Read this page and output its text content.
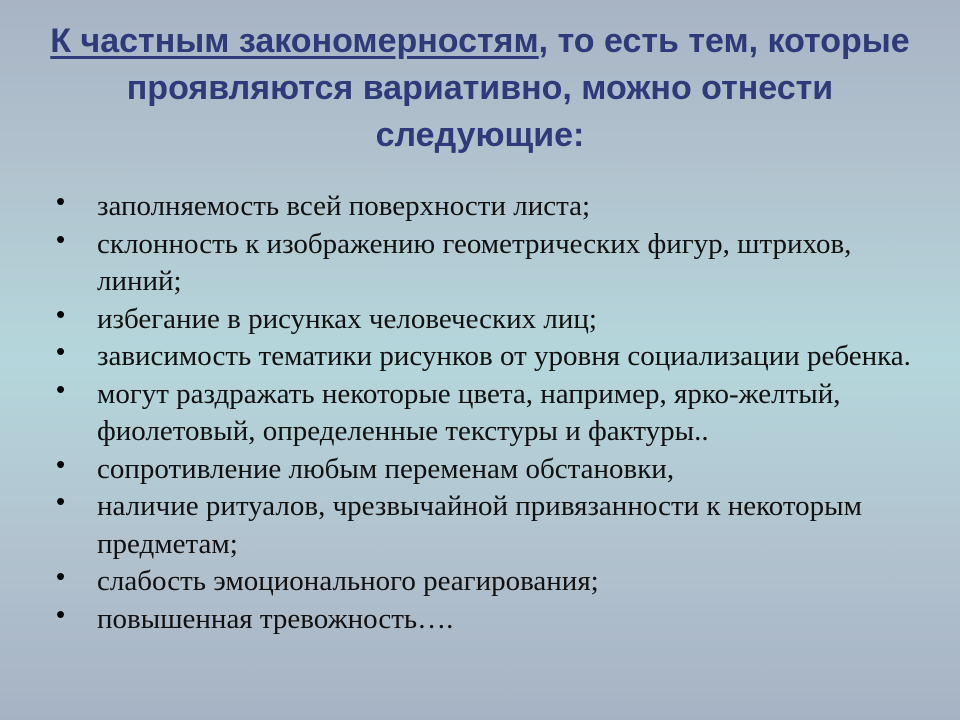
К частным закономерностям, то есть тем, которые проявляются вариативно, можно отнести следующие:
• заполняемость всей поверхности листа;
• склонность к изображению геометрических фигур, штрихов, линий;
• избегание в рисунках человеческих лиц;
• зависимость тематики рисунков от уровня социализации ребенка.
• могут раздражать некоторые цвета, например, ярко-желтый, фиолетовый, определенные текстуры и фактуры..
• сопротивление любым переменам обстановки,
• наличие ритуалов, чрезвычайной привязанности к некоторым предметам;
• слабость эмоционального реагирования;
• повышенная тревожность….
